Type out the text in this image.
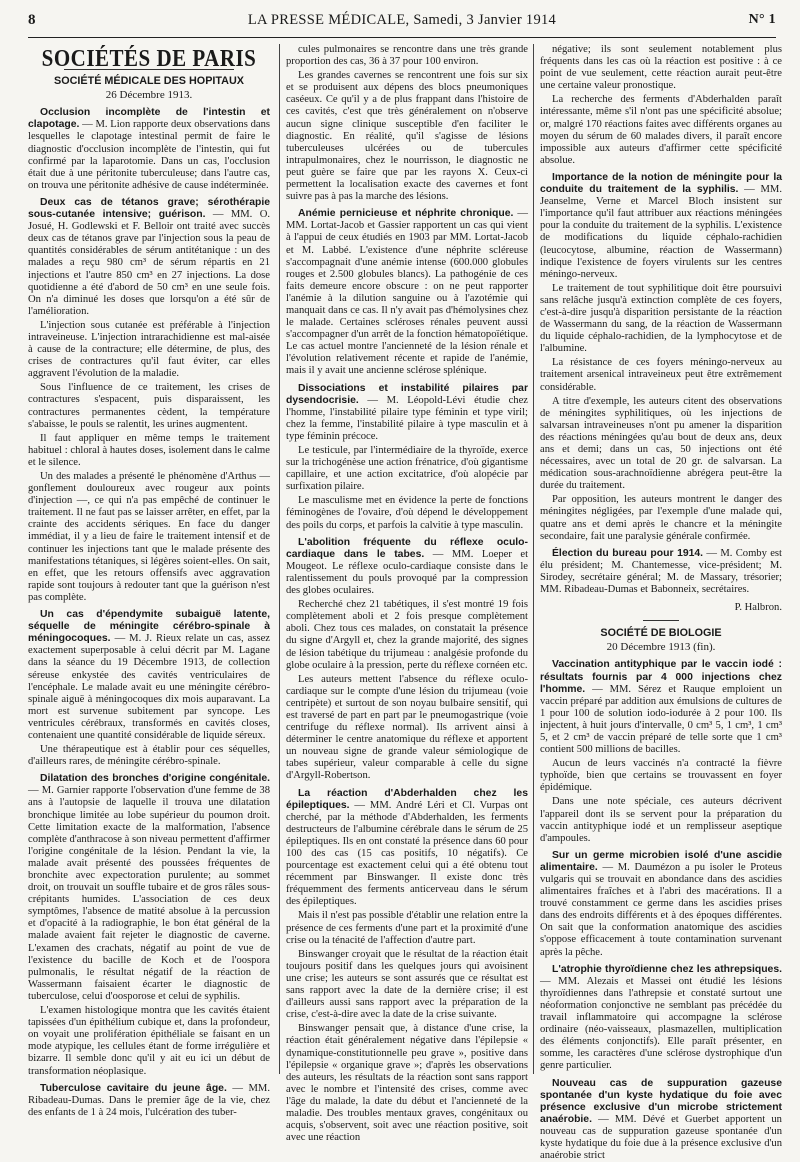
8	LA PRESSE MÉDICALE, Samedi, 3 Janvier 1914	N° 1
SOCIÉTÉS DE PARIS
SOCIÉTÉ MÉDICALE DES HOPITAUX
26 Décembre 1913.

Occlusion incomplète de l'intestin et clapotage. — M. Lion rapporte deux observations dans lesquelles le clapotage intestinal permit de faire le diagnostic d'occlusion incomplète de l'intestin, qui fut confirmé par la laparotomie. Dans un cas, l'occlusion était due à une péritonite tuberculeuse; dans l'autre cas, on trouva une péritonite adhésive de cause indéterminée.

Deux cas de tétanos grave; sérothérapie sous-cutanée intensive; guérison. — MM. O. Josué, H. Godlewski et F. Belloir ont traité avec succès deux cas de tétanos grave par l'injection sous la peau de quantités considérables de sérum antitétanique : un des malades a reçu 980 cm³ de sérum répartis en 21 injections et l'autre 850 cm³ en 27 injections. La dose quotidienne a été d'abord de 50 cm³ en une seule fois. On n'a diminué les doses que lorsqu'on a été sûr de l'amélioration.

L'injection sous cutanée est préférable à l'injection intraveineuse. L'injection intrarachidienne est mal-aisée à cause de la contracture; elle détermine, de plus, des crises de contractures qu'il faut éviter, car elles aggravent l'évolution de la maladie.

Sous l'influence de ce traitement, les crises de contractures s'espacent, puis disparaissent, les contractures permanentes cèdent, la température s'abaisse, le pouls se ralentit, les urines augmentent.

Il faut appliquer en même temps le traitement habituel : chloral à hautes doses, isolement dans le calme et le silence.

Un des malades a présenté le phénomène d'Arthus — gonflement douloureux avec rougeur aux points d'injection —, ce qui n'a pas empêché de continuer le traitement. Il ne faut pas se laisser arrêter, en effet, par la crainte des accidents sériques. En face du danger immédiat, il y a lieu de faire le traitement intensif et de continuer les injections tant que le malade présente des manifestations tétaniques, si légères soient-elles. On sait, en effet, que les retours offensifs avec aggravation rapide sont toujours à redouter tant que la guérison n'est pas complète.

Un cas d'épendymite subaiguë latente, séquelle de méningite cérébro-spinale à méningocoques. — M. J. Rieux relate un cas, assez exactement superposable à celui décrit par M. Lagane dans la séance du 19 Décembre 1913, de collection séreuse enkystée des cavités ventriculaires de l'encéphale. Le malade avait eu une méningite cérébro-spinale aiguë à méningocoques dix mois auparavant. La mort est survenue subitement par syncope. Les ventricules cérébraux, transformés en cavités closes, contenaient une quantité considérable de liquide séreux.

Une thérapeutique est à établir pour ces séquelles, d'ailleurs rares, de méningite cérébro-spinale.

Dilatation des bronches d'origine congénitale. — M. Garnier rapporte l'observation d'une femme de 38 ans à l'autopsie de laquelle il trouva une dilatation bronchique limitée au lobe supérieur du poumon droit. Cette limitation exacte de la malformation, l'absence complète d'anthracose à son niveau permettent d'affirmer l'origine congénitale de la lésion. Pendant la vie, la malade avait présenté des poussées fréquentes de bronchite avec expectoration purulente; au sommet droit, on trouvait un souffle tubaire et de gros râles sous-crépitants humides. L'association de ces deux symptômes, l'absence de matité absolue à la percussion et d'opacité à la radiographie, le bon état général de la malade avaient fait rejeter le diagnostic de caverne. L'examen des crachats, négatif au point de vue de l'existence du bacille de Koch et de l'oospora pulmonalis, le résultat négatif de la réaction de Wassermann faisaient écarter le diagnostic de tuberculose, celui d'oosporose et celui de syphilis.

L'examen histologique montra que les cavités étaient tapissées d'un épithélium cubique et, dans la profondeur, on voyait une prolifération épithéliale se faisant en un mode atypique, les cellules étant de forme irrégulière et bizarre. Il semble donc qu'il y ait eu ici un début de transformation néoplasique.

Tuberculose cavitaire du jeune âge. — MM. Ribadeau-Dumas. Dans le premier âge de la vie, chez des enfants de 1 à 24 mois, l'ulcération des tuber-

cules pulmonaires se rencontre dans une très grande proportion des cas, 36 à 37 pour 100 environ.

Les grandes cavernes se rencontrent une fois sur six et se produisent aux dépens des blocs pneumoniques caséeux. Ce qu'il y a de plus frappant dans l'histoire de ces cavités, c'est que très généralement on n'observe aucun signe clinique susceptible d'en faciliter le diagnostic. En réalité, qu'il s'agisse de lésions tuberculeuses ulcérées ou de tubercules intrapulmonaires, chez le nourrisson, le diagnostic ne peut guère se faire que par les rayons X. Ceux-ci permettent la localisation exacte des cavernes et font suivre pas à pas la marche des lésions.

Anémie pernicieuse et néphrite chronique. — MM. Lortat-Jacob et Gassier rapportent un cas qui vient à l'appui de ceux étudiés en 1903 par MM. Lortat-Jacob et M. Labbé. L'existence d'une néphrite scléreuse s'accompagnait d'une anémie intense (600.000 globules rouges et 2.500 globules blancs). La pathogénie de ces faits demeure encore obscure : on ne peut rapporter l'anémie à la dilution sanguine ou à l'azotémie qui manquait dans ce cas. Il n'y avait pas d'hémolysines chez le malade. Certaines scléroses rénales peuvent aussi s'accompagner d'un arrêt de la fonction hématopoïétique. Le cas actuel montre l'ancienneté de la lésion rénale et l'évolution relativement récente et rapide de l'anémie, mais il y avait une ancienne sclérose splénique.

Dissociations et instabilité pilaires par dysendocrisie. — M. Léopold-Lévi étudie chez l'homme, l'instabilité pilaire type féminin et type viril; chez la femme, l'instabilité pilaire à type masculin et à type féminin précoce.

Le testicule, par l'intermédiaire de la thyroïde, exerce sur la trichogénèse une action frénatrice, d'où gigantisme capillaire, et une action excitatrice, d'où alopécie par surfixation pilaire.

Le masculisme met en évidence la perte de fonctions féminogènes de l'ovaire, d'où dépend le développement des poils du corps, et parfois la calvitie à type masculin.

L'abolition fréquente du réflexe oculo-cardiaque dans le tabes. — MM. Loeper et Mougeot. Le réflexe oculo-cardiaque consiste dans le ralentissement du pouls provoqué par la compression des globes oculaires.

Recherché chez 21 tabétiques, il s'est montré 19 fois complètement aboli et 2 fois presque complètement aboli. Chez tous ces malades, on constatait la présence du signe d'Argyll et, chez la grande majorité, des signes de lésion tabétique du trijumeau : analgésie profonde du globe oculaire à la pression, perte du réflexe cornéen etc.

Les auteurs mettent l'absence du réflexe oculo-cardiaque sur le compte d'une lésion du trijumeau (voie centripète) et surtout de son noyau bulbaire sensitif, qui est traversé de part en part par le pneumogastrique (voie centrifuge du réflexe normal). Ils arrivent ainsi à déterminer le centre anatomique du réflexe et apportent un nouveau signe de grande valeur sémiologique de tabes supérieur, valeur comparable à celle du signe d'Argyll-Robertson.

La réaction d'Abderhalden chez les épileptiques. — MM. André Léri et Cl. Vurpas ont cherché, par la méthode d'Abderhalden, les ferments destructeurs de l'albumine cérébrale dans le sérum de 25 épileptiques. Ils en ont constaté la présence dans 60 pour 100 des cas (15 cas positifs, 10 négatifs). Ce pourcentage est exactement celui qui a été obtenu tout récemment par Binswanger. Il existe donc très fréquemment des ferments anticerveau dans le sérum des épileptiques.

Mais il n'est pas possible d'établir une relation entre la présence de ces ferments d'une part et la proximité d'une crise ou la ténacité de l'affection d'autre part.

Binswanger croyait que le résultat de la réaction était toujours positif dans les quelques jours qui avoisinent une crise; les auteurs se sont assurés que ce résultat est sans rapport avec la date de la dernière crise; il est d'ailleurs aussi sans rapport avec la préparation de la crise, c'est-à-dire avec la date de la crise suivante.

Binswanger pensait que, à distance d'une crise, la réaction était généralement négative dans l'épilepsie « dynamique-constitutionnelle peu grave », positive dans l'épilepsie « organique grave »; d'après les observations des auteurs, les résultats de la réaction sont sans rapport avec le nombre et l'intensité des crises, comme avec l'âge du malade, la date du début et l'ancienneté de la maladie. Des troubles mentaux graves, congénitaux ou acquis, s'observent, soit avec une réaction positive, soit avec une réaction

négative; ils sont seulement notablement plus fréquents dans les cas où la réaction est positive : à ce point de vue seulement, cette réaction aurait peut-être une certaine valeur pronostique.

La recherche des ferments d'Abderhalden paraît intéressante, même s'il n'ont pas une spécificité absolue; or, malgré 170 réactions faites avec différents organes au moyen du sérum de 60 malades divers, il paraît encore impossible aux auteurs d'affirmer cette spécificité absolue.

Importance de la notion de méningite pour la conduite du traitement de la syphilis. — MM. Jeanselme, Verne et Marcel Bloch insistent sur l'importance qu'il faut attribuer aux réactions méningées pour la conduite du traitement de la syphilis. L'existence de modifications du liquide céphalo-rachidien (leucocytose, albumine, réaction de Wassermann) indique l'existence de foyers virulents sur les centres méningo-nerveux.

Le traitement de tout syphilitique doit être poursuivi sans relâche jusqu'à extinction complète de ces foyers, c'est-à-dire jusqu'à disparition persistante de la réaction de Wassermann du sang, de la réaction de Wassermann du liquide céphalo-rachidien, de la lymphocytose et de l'albumine.

La résistance de ces foyers méningo-nerveux au traitement arsenical intraveineux peut être extrêmement considérable.

A titre d'exemple, les auteurs citent des observations de méningites syphilitiques, où les injections de salvarsan intraveineuses n'ont pu amener la disparition des réactions méningées qu'au bout de deux ans, deux ans et demi; dans un cas, 50 injections ont été nécessaires, avec un total de 20 gr. de salvarsan. La médication sous-arachnoïdienne abrégera peut-être la durée du traitement.

Par opposition, les auteurs montrent le danger des méningites négligées, par l'exemple d'une malade qui, quatre ans et demi après le chancre et la méningite secondaire, fait une paralysie générale confirmée.

Élection du bureau pour 1914. — M. Comby est élu président; M. Chantemesse, vice-président; M. Sirodey, secrétaire général; M. de Massary, trésorier; MM. Ribadeau-Dumas et Babonneix, secrétaires.

P. Halbron.
SOCIÉTÉ DE BIOLOGIE
20 Décembre 1913 (fin).

Vaccination antityphique par le vaccin iodé : résultats fournis par 4 000 injections chez l'homme. — MM. Sérez et Rauque emploient un vaccin préparé par addition aux émulsions de cultures de 1 pour 100 de solution iodo-iodurée à 2 pour 100. Ils injectent, à huit jours d'intervalle, 0 cm³ 5, 1 cm³, 1 cm³ 5, et 2 cm³ de vaccin préparé de telle sorte que 1 cm³ contient 500 millions de bacilles.

Aucun de leurs vaccinés n'a contracté la fièvre typhoïde, bien que certains se trouvassent en foyer épidémique.

Dans une note spéciale, ces auteurs décrivent l'appareil dont ils se servent pour la préparation du vaccin antityphique iodé et un remplisseur aseptique d'ampoules.

Sur un germe microbien isolé d'une ascidie alimentaire. — M. Daumézon a pu isoler le Proteus vulgaris qui se trouvait en abondance dans des ascidies alimentaires fraîches et à l'abri des macérations. Il a trouvé constamment ce germe dans les ascidies prises dans des endroits différents et à des époques différentes. On sait que la conformation anatomique des ascidies s'oppose efficacement à toute contamination survenant après la pêche.

L'atrophie thyroïdienne chez les athrepsiques. — MM. Alezais et Massei ont étudié les lésions thyroïdiennes dans l'athrepsie et constaté surtout une néoformation conjonctive ne semblant pas précédée du travail inflammatoire qui accompagne la sclérose ordinaire (néo-vaisseaux, plasmazellen, multiplication des éléments conjonctifs). Elle paraît présenter, en somme, les caractères d'une sclérose dystrophique d'un genre particulier.

Nouveau cas de suppuration gazeuse spontanée d'un kyste hydatique du foie avec présence exclusive d'un microbe strictement anaérobie. — MM. Dévé et Guerbet apportent un nouveau cas de suppuration gazeuse spontanée d'un kyste hydatique du foie due à la présence exclusive d'un anaérobie strict
